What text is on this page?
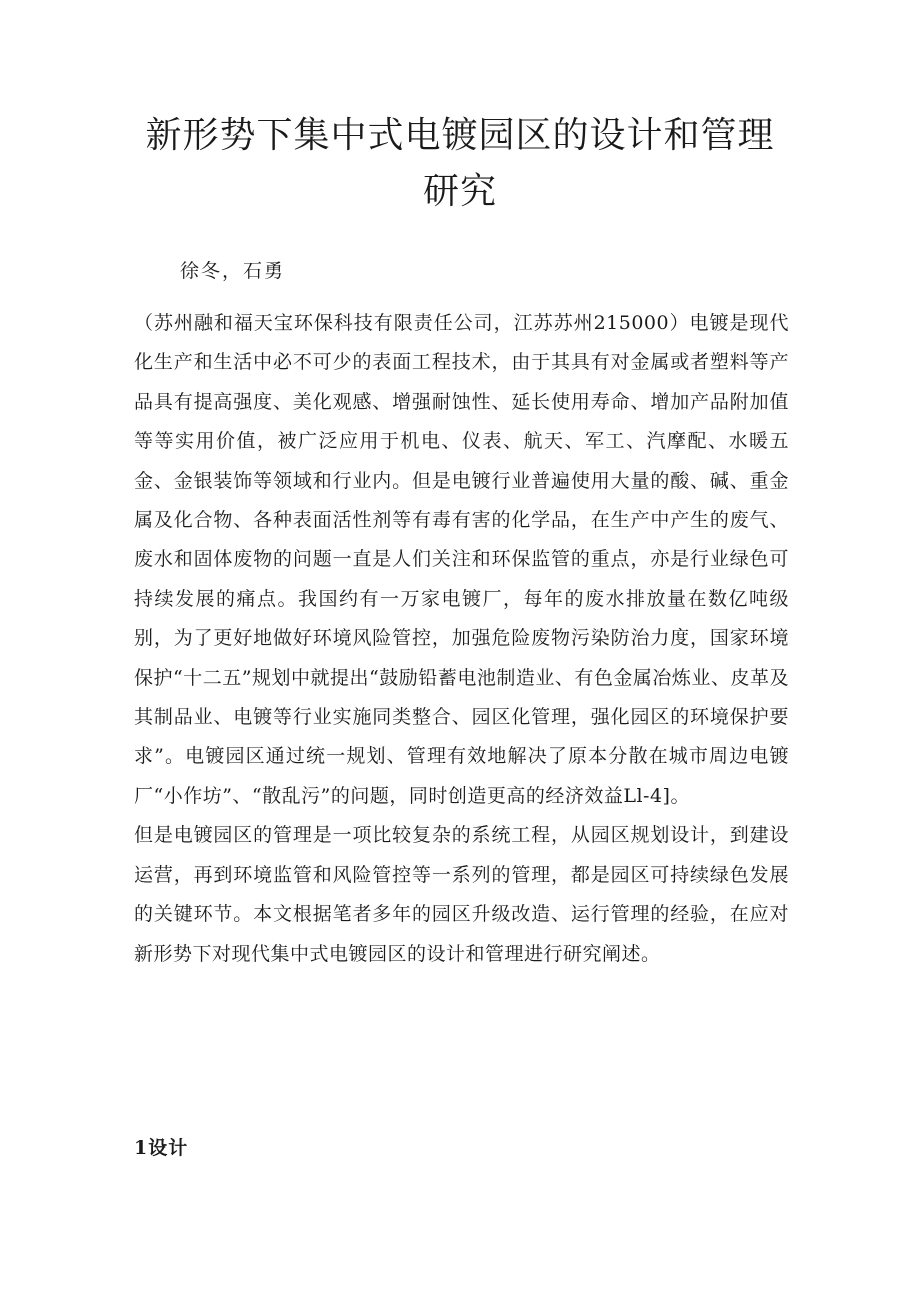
新形势下集中式电镀园区的设计和管理研究

徐冬，石勇

（苏州融和福天宝环保科技有限责任公司，江苏苏州215000）电镀是现代化生产和生活中必不可少的表面工程技术，由于其具有对金属或者塑料等产品具有提高强度、美化观感、增强耐蚀性、延长使用寿命、增加产品附加值等等实用价值，被广泛应用于机电、仪表、航天、军工、汽摩配、水暖五金、金银装饰等领域和行业内。但是电镀行业普遍使用大量的酸、碱、重金属及化合物、各种表面活性剂等有毒有害的化学品，在生产中产生的废气、废水和固体废物的问题一直是人们关注和环保监管的重点，亦是行业绿色可持续发展的痛点。我国约有一万家电镀厂，每年的废水排放量在数亿吨级别，为了更好地做好环境风险管控，加强危险废物污染防治力度，国家环境保护“十二五”规划中就提出“鼓励铅蓄电池制造业、有色金属冶炼业、皮革及其制品业、电镀等行业实施同类整合、园区化管理，强化园区的环境保护要求”。电镀园区通过统一规划、管理有效地解决了原本分散在城市周边电镀厂“小作坊”、“散乱污”的问题，同时创造更高的经济效益Ll-4]。

但是电镀园区的管理是一项比较复杂的系统工程，从园区规划设计，到建设运营，再到环境监管和风险管控等一系列的管理，都是园区可持续绿色发展的关键环节。本文根据笔者多年的园区升级改造、运行管理的经验，在应对新形势下对现代集中式电镀园区的设计和管理进行研究阐述。

1设计
